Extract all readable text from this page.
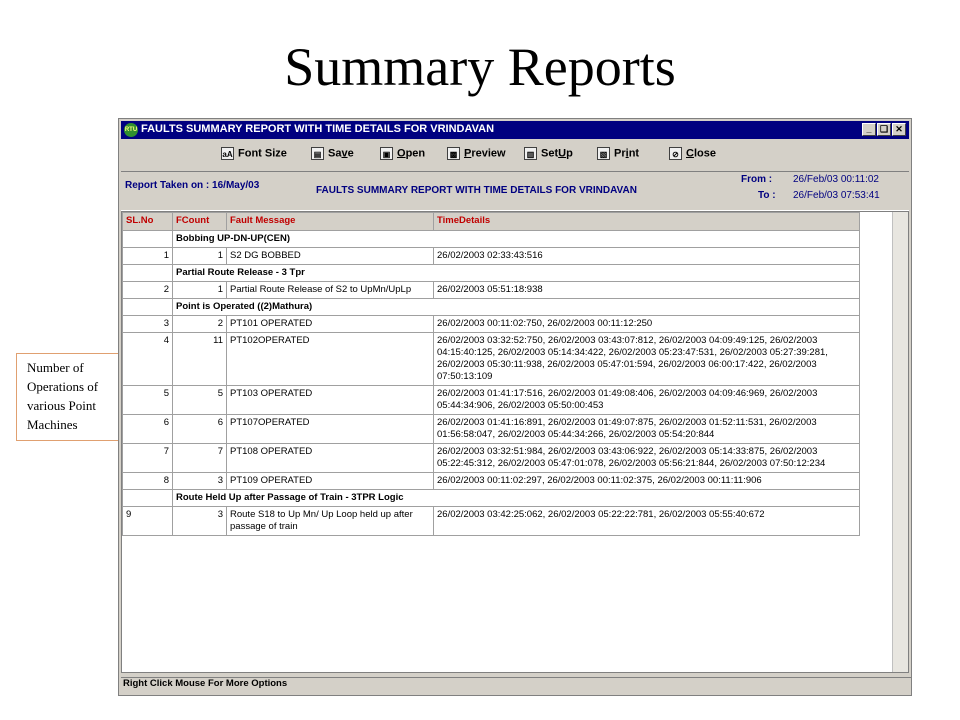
Summary Reports
Number of Operations of various Point Machines
RTU FAULTS SUMMARY REPORT WITH TIME DETAILS FOR VRINDAVAN	_ ❏ ✕
aA Font Size	▤ Save	▣ Open	▩ Preview	▥ SetUp	▧ Print	⊘ Close
Report Taken on : 16/May/03	FAULTS SUMMARY REPORT WITH TIME DETAILS FOR VRINDAVAN
From : 26/Feb/03 00:11:02
To : 26/Feb/03 07:53:41
SL.No	FCount	Fault Message	TimeDetails
	Bobbing UP-DN-UP(CEN)		
1	1	S2 DG BOBBED	26/02/2003 02:33:43:516
	Partial Route Release - 3 Tpr		
2	1	Partial Route Release of S2 to UpMn/UpLp	26/02/2003 05:51:18:938
	Point is Operated ((2)Mathura)		
3	2	PT101 OPERATED	26/02/2003 00:11:02:750, 26/02/2003 00:11:12:250
4	11	PT102OPERATED	26/02/2003 03:32:52:750, 26/02/2003 03:43:07:812, 26/02/2003 04:09:49:125, 26/02/2003 04:15:40:125, 26/02/2003 05:14:34:422, 26/02/2003 05:23:47:531, 26/02/2003 05:27:39:281, 26/02/2003 05:30:11:938, 26/02/2003 05:47:01:594, 26/02/2003 06:00:17:422, 26/02/2003 07:50:13:109
5	5	PT103 OPERATED	26/02/2003 01:41:17:516, 26/02/2003 01:49:08:406, 26/02/2003 04:09:46:969, 26/02/2003 05:44:34:906, 26/02/2003 05:50:00:453
6	6	PT107OPERATED	26/02/2003 01:41:16:891, 26/02/2003 01:49:07:875, 26/02/2003 01:52:11:531, 26/02/2003 01:56:58:047, 26/02/2003 05:44:34:266, 26/02/2003 05:54:20:844
7	7	PT108 OPERATED	26/02/2003 03:32:51:984, 26/02/2003 03:43:06:922, 26/02/2003 05:14:33:875, 26/02/2003 05:22:45:312, 26/02/2003 05:47:01:078, 26/02/2003 05:56:21:844, 26/02/2003 07:50:12:234
8	3	PT109 OPERATED	26/02/2003 00:11:02:297, 26/02/2003 00:11:02:375, 26/02/2003 00:11:11:906
	Route Held Up after Passage of Train - 3TPR Logic		
9	3	Route S18 to Up Mn/ Up Loop held up after passage of train	26/02/2003 03:42:25:062, 26/02/2003 05:22:22:781, 26/02/2003 05:55:40:672
Right Click Mouse For More Options
